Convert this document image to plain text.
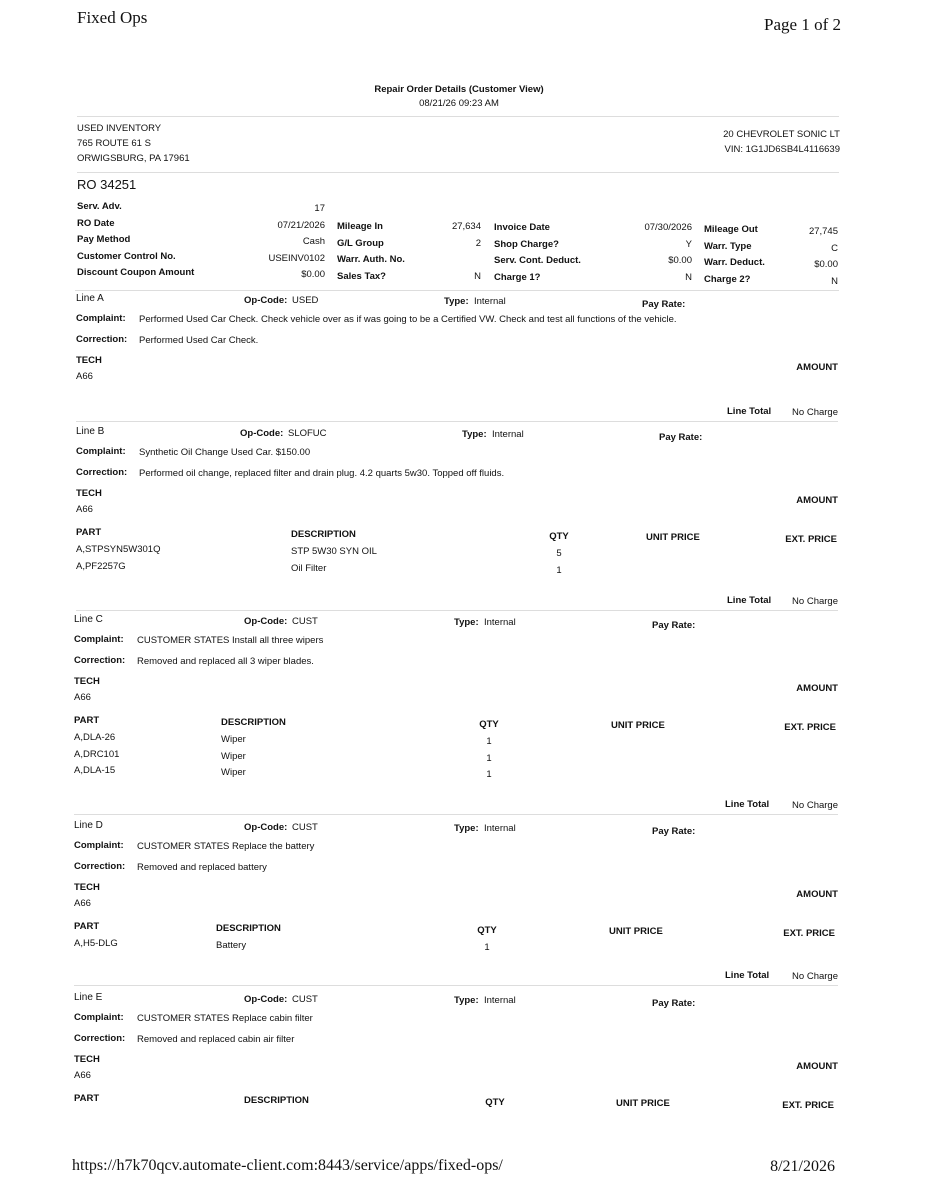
Fixed Ops	Page 1 of 2
Repair Order Details (Customer View)
08/21/26 09:23 AM
USED INVENTORY
765 ROUTE 61 S
ORWIGSBURG, PA 17961
20 CHEVROLET SONIC LT
VIN: 1G1JD6SB4L4116639
RO 34251
Serv. Adv.	17
RO Date	07/21/2026
Pay Method	Cash
Customer Control No.	USEINV0102
Discount Coupon Amount	$0.00
Mileage In	27,634
G/L Group	2
Warr. Auth. No.
Sales Tax?	N
Invoice Date	07/30/2026
Shop Charge?	Y
Serv. Cont. Deduct.	$0.00
Charge 1?	N
Mileage Out	27,745
Warr. Type	C
Warr. Deduct.	$0.00
Charge 2?	N
Line A	Op-Code: USED	Type: Internal	Pay Rate:
Complaint: Performed Used Car Check. Check vehicle over as if was going to be a Certified VW. Check and test all functions of the vehicle.
Correction: Performed Used Car Check.
TECH
A66
AMOUNT
Line Total No Charge
Line B	Op-Code: SLOFUC	Type: Internal	Pay Rate:
Complaint: Synthetic Oil Change Used Car. $150.00
Correction: Performed oil change, replaced filter and drain plug. 4.2 quarts 5w30. Topped off fluids.
TECH
A66
AMOUNT
PART	DESCRIPTION	QTY	UNIT PRICE	EXT. PRICE
A,STPSYN5W301Q	STP 5W30 SYN OIL	5
A,PF2257G	Oil Filter	1
Line Total No Charge
Line C	Op-Code: CUST	Type: Internal	Pay Rate:
Complaint: CUSTOMER STATES Install all three wipers
Correction: Removed and replaced all 3 wiper blades.
TECH
A66
AMOUNT
PART	DESCRIPTION	QTY	UNIT PRICE	EXT. PRICE
A,DLA-26	Wiper	1
A,DRC101	Wiper	1
A,DLA-15	Wiper	1
Line Total No Charge
Line D	Op-Code: CUST	Type: Internal	Pay Rate:
Complaint: CUSTOMER STATES Replace the battery
Correction: Removed and replaced battery
TECH
A66
AMOUNT
PART	DESCRIPTION	QTY	UNIT PRICE	EXT. PRICE
A,H5-DLG	Battery	1
Line Total No Charge
Line E	Op-Code: CUST	Type: Internal	Pay Rate:
Complaint: CUSTOMER STATES Replace cabin filter
Correction: Removed and replaced cabin air filter
TECH
A66
AMOUNT
PART	DESCRIPTION	QTY	UNIT PRICE	EXT. PRICE
https://h7k70qcv.automate-client.com:8443/service/apps/fixed-ops/	8/21/2026
